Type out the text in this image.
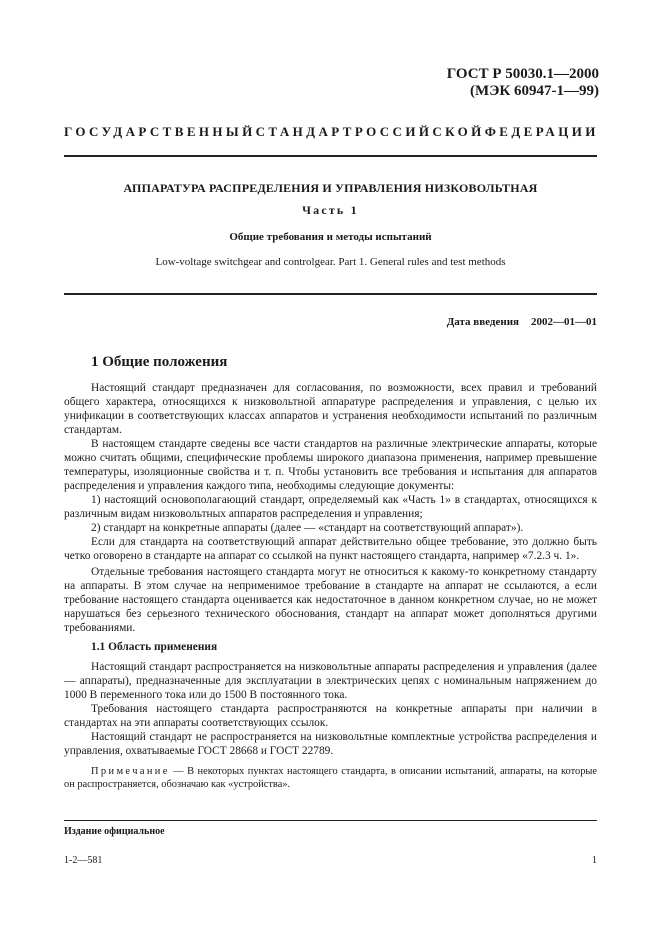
ГОСТ Р 50030.1—2000
(МЭК 60947-1—99)
ГОСУДАРСТВЕННЫЙ СТАНДАРТ РОССИЙСКОЙ ФЕДЕРАЦИИ
АППАРАТУРА РАСПРЕДЕЛЕНИЯ И УПРАВЛЕНИЯ НИЗКОВОЛЬТНАЯ
Часть 1
Общие требования и методы испытаний
Low-voltage switchgear and controlgear. Part 1. General rules and test methods
Дата введения 2002—01—01
1 Общие положения

Настоящий стандарт предназначен для согласования, по возможности, всех правил и требований общего характера, относящихся к низковольтной аппаратуре распределения и управления, с целью их унификации в соответствующих классах аппаратов и устранения необходимости испытаний по различным стандартам.

В настоящем стандарте сведены все части стандартов на различные электрические аппараты, которые можно считать общими, специфические проблемы широкого диапазона применения, например превышение температуры, изоляционные свойства и т. п. Чтобы установить все требования и испытания для аппаратов распределения и управления каждого типа, необходимы следующие документы:

1) настоящий основополагающий стандарт, определяемый как «Часть 1» в стандартах, относящихся к различным видам низковольтных аппаратов распределения и управления;

2) стандарт на конкретные аппараты (далее — «стандарт на соответствующий аппарат»).

Если для стандарта на соответствующий аппарат действительно общее требование, это должно быть четко оговорено в стандарте на аппарат со ссылкой на пункт настоящего стандарта, например «7.2.3 ч. 1».

Отдельные требования настоящего стандарта могут не относиться к какому-то конкретному стандарту на аппараты. В этом случае на неприменимое требование в стандарте на аппарат не ссылаются, а если требование настоящего стандарта оценивается как недостаточное в данном конкретном случае, но не может нарушаться без серьезного технического обоснования, стандарт на аппарат может дополняться другими требованиями.

1.1 Область применения

Настоящий стандарт распространяется на низковольтные аппараты распределения и управления (далее — аппараты), предназначенные для эксплуатации в электрических цепях с номинальным напряжением до 1000 В переменного тока или до 1500 В постоянного тока.

Требования настоящего стандарта распространяются на конкретные аппараты при наличии в стандартах на эти аппараты соответствующих ссылок.

Настоящий стандарт не распространяется на низковольтные комплектные устройства распределения и управления, охватываемые ГОСТ 28668 и ГОСТ 22789.

Примечание — В некоторых пунктах настоящего стандарта, в описании испытаний, аппараты, на которые он распространяется, обозначаю как «устройства».

Издание официальное
1-2—581	1
